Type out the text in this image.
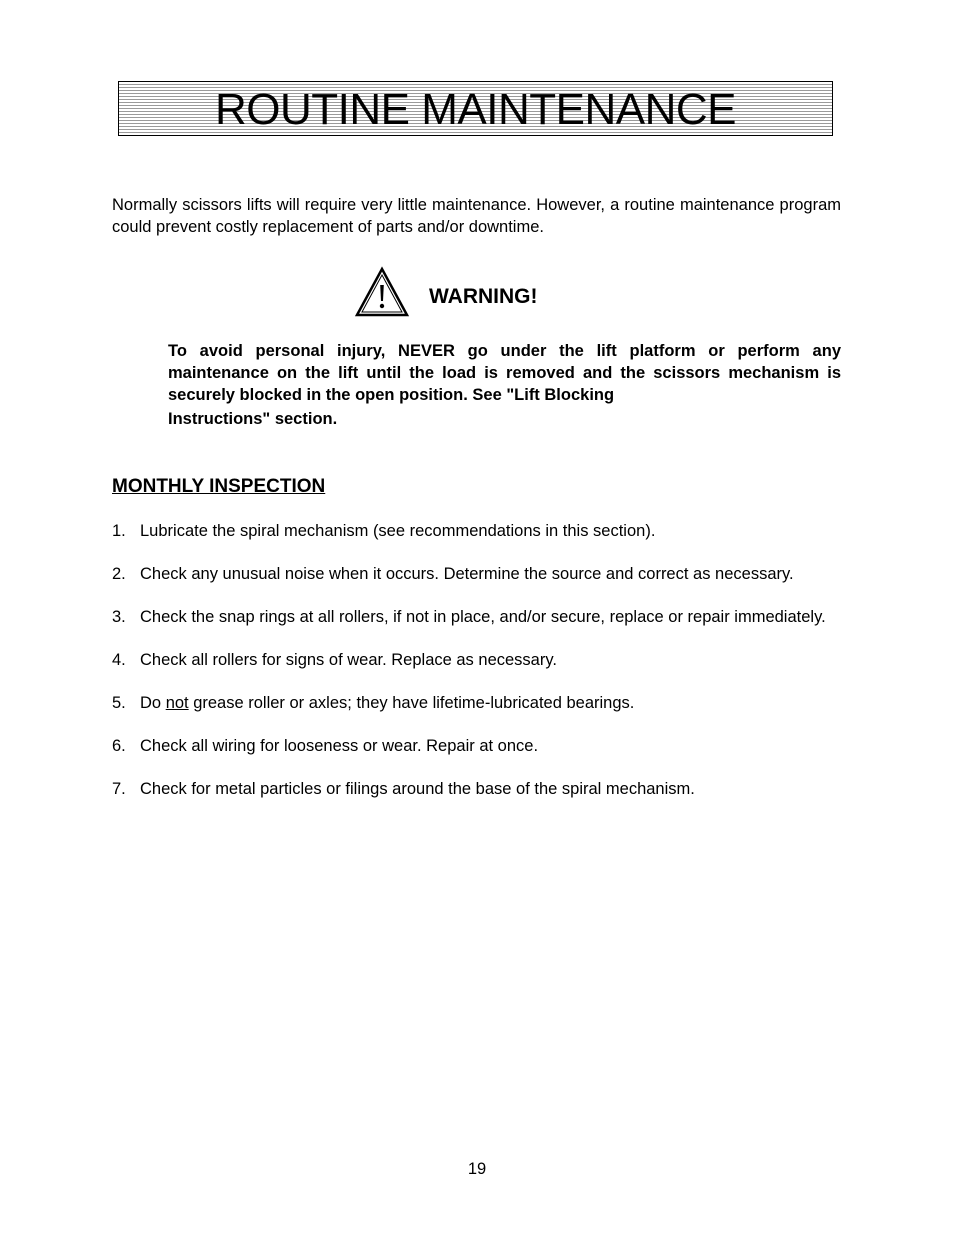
ROUTINE MAINTENANCE

Normally scissors lifts will require very little maintenance. However, a routine maintenance program could prevent costly replacement of parts and/or downtime.

WARNING!
To avoid personal injury, NEVER go under the lift platform or perform any maintenance on the lift until the load is removed and the scissors mechanism is securely blocked in the open position. See "Lift Blocking
Instructions" section.
MONTHLY INSPECTION
1. Lubricate the spiral mechanism (see recommendations in this section).
2. Check any unusual noise when it occurs. Determine the source and correct as necessary.
3. Check the snap rings at all rollers, if not in place, and/or secure, replace or repair immediately.
4. Check all rollers for signs of wear. Replace as necessary.
5. Do not grease roller or axles; they have lifetime-lubricated bearings.
6. Check all wiring for looseness or wear. Repair at once.
7. Check for metal particles or filings around the base of the spiral mechanism.
19
